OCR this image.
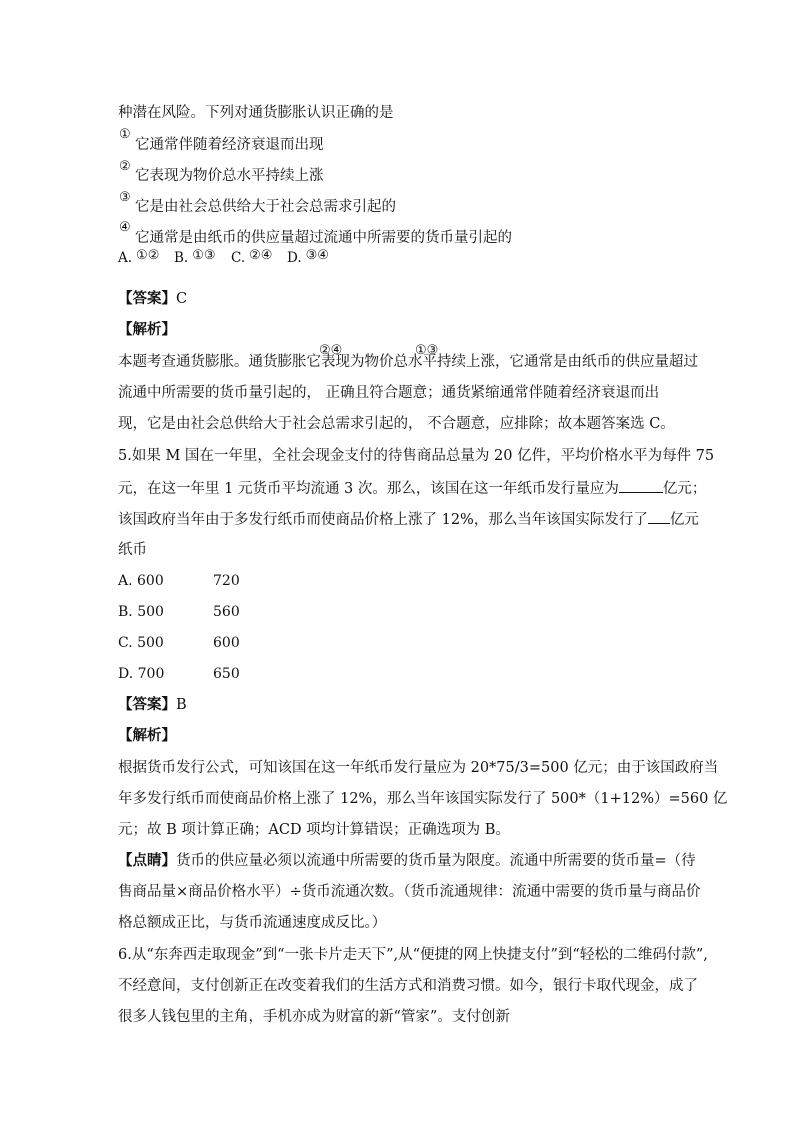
种潜在风险。下列对通货膨胀认识正确的是
①
它通常伴随着经济衰退而出现
②
它表现为物价总水平持续上涨
③
它是由社会总供给大于社会总需求引起的
④
它通常是由纸币的供应量超过流通中所需要的货币量引起的
A. ①② B. ①③ C. ②④ D. ③④
【答案】C
【解析】
本题考查通货膨胀。通货膨胀它表现为物价总水平持续上涨，它通常是由纸币的供应量超过
②④	①③
流通中所需要的货币量引起的， 正确且符合题意；通货紧缩通常伴随着经济衰退而出
现，它是由社会总供给大于社会总需求引起的， 不合题意，应排除；故本题答案选 C。
5.如果 M 国在一年里，全社会现金支付的待售商品总量为 20 亿件，平均价格水平为每件 75
元，在这一年里 1 元货币平均流通 3 次。那么，该国在这一年纸币发行量应为	亿元；
该国政府当年由于多发行纸币而使商品价格上涨了 12%，那么当年该国实际发行了 亿元
纸币
A. 600	720
B. 500	560
C. 500	600
D. 700	650
【答案】B
【解析】
根据货币发行公式，可知该国在这一年纸币发行量应为 20*75/3=500 亿元；由于该国政府当
年多发行纸币而使商品价格上涨了 12%，那么当年该国实际发行了 500*（1+12%）=560 亿
元；故 B 项计算正确；ACD 项均计算错误；正确选项为 B。
【点睛】货币的供应量必须以流通中所需要的货币量为限度。流通中所需要的货币量=（待
售商品量×商品价格水平）÷货币流通次数。（货币流通规律：流通中需要的货币量与商品价
格总额成正比，与货币流通速度成反比。）
6.从“东奔西走取现金”到“一张卡片走天下”,从“便捷的网上快捷支付”到“轻松的二维码付款”,
不经意间，支付创新正在改变着我们的生活方式和消费习惯。如今，银行卡取代现金，成了
很多人钱包里的主角，手机亦成为财富的新“管家”。支付创新
